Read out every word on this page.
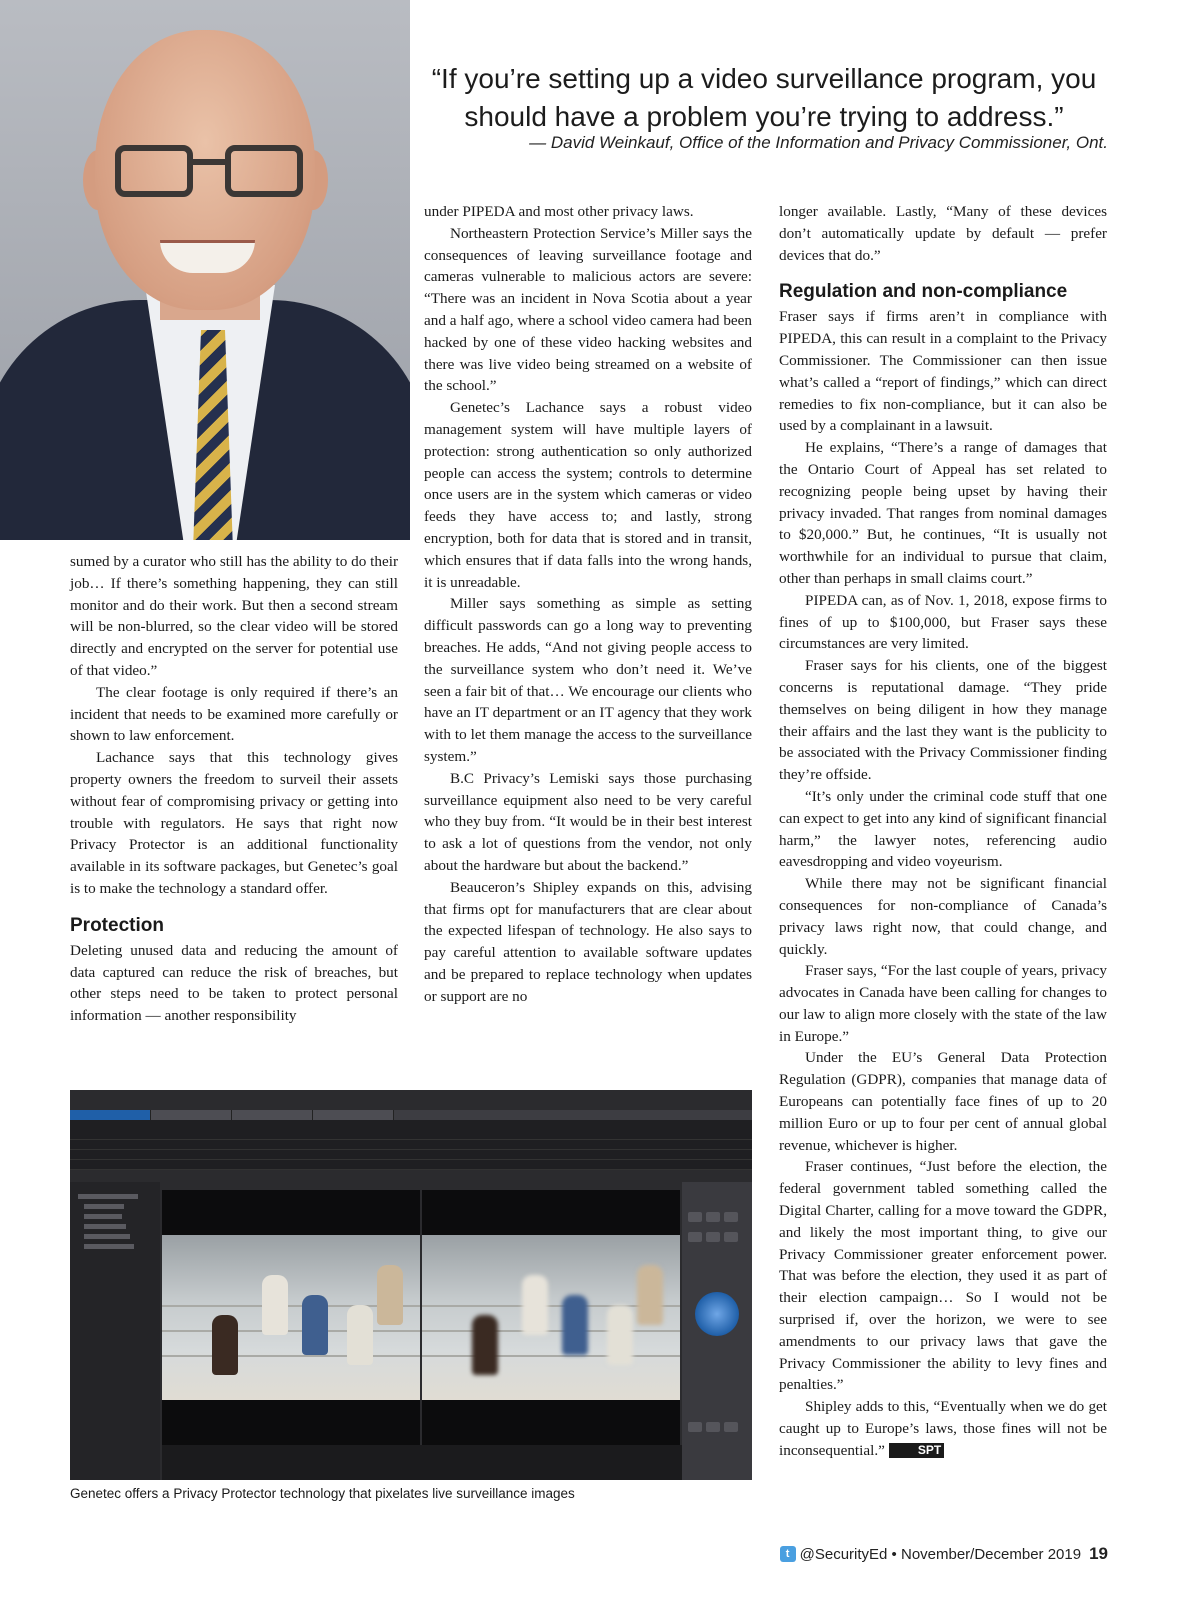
“If you’re setting up a video surveillance program, you should have a problem you’re trying to address.”
— David Weinkauf, Office of the Information and Privacy Commissioner, Ont.

sumed by a curator who still has the ability to do their job… If there’s something happening, they can still monitor and do their work. But then a second stream will be non-blurred, so the clear video will be stored directly and encrypted on the server for potential use of that video.”

The clear footage is only required if there’s an incident that needs to be examined more carefully or shown to law enforcement.

Lachance says that this technology gives property owners the freedom to surveil their assets without fear of compromising privacy or getting into trouble with regulators. He says that right now Privacy Protector is an additional functionality available in its software packages, but Genetec’s goal is to make the technology a standard offer.

Protection

Deleting unused data and reducing the amount of data captured can reduce the risk of breaches, but other steps need to be taken to protect personal information — another responsibility

under PIPEDA and most other privacy laws.

Northeastern Protection Service’s Miller says the consequences of leaving surveillance footage and cameras vulnerable to malicious actors are severe: “There was an incident in Nova Scotia about a year and a half ago, where a school video camera had been hacked by one of these video hacking websites and there was live video being streamed on a website of the school.”

Genetec’s Lachance says a robust video management system will have multiple layers of protection: strong authentication so only authorized people can access the system; controls to determine once users are in the system which cameras or video feeds they have access to; and lastly, strong encryption, both for data that is stored and in transit, which ensures that if data falls into the wrong hands, it is unreadable.

Miller says something as simple as setting difficult passwords can go a long way to preventing breaches. He adds, “And not giving people access to the surveillance system who don’t need it. We’ve seen a fair bit of that… We encourage our clients who have an IT department or an IT agency that they work with to let them manage the access to the surveillance system.”

B.C Privacy’s Lemiski says those purchasing surveillance equipment also need to be very careful who they buy from. “It would be in their best interest to ask a lot of questions from the vendor, not only about the hardware but about the backend.”

Beauceron’s Shipley expands on this, advising that firms opt for manufacturers that are clear about the expected lifespan of technology. He also says to pay careful attention to available software updates and be prepared to replace technology when updates or support are no

longer available. Lastly, “Many of these devices don’t automatically update by default — prefer devices that do.”

Regulation and non-compliance

Fraser says if firms aren’t in compliance with PIPEDA, this can result in a complaint to the Privacy Commissioner. The Commissioner can then issue what’s called a “report of findings,” which can direct remedies to fix non-compliance, but it can also be used by a complainant in a lawsuit.

He explains, “There’s a range of damages that the Ontario Court of Appeal has set related to recognizing people being upset by having their privacy invaded. That ranges from nominal damages to $20,000.” But, he continues, “It is usually not worthwhile for an individual to pursue that claim, other than perhaps in small claims court.”

PIPEDA can, as of Nov. 1, 2018, expose firms to fines of up to $100,000, but Fraser says these circumstances are very limited.

Fraser says for his clients, one of the biggest concerns is reputational damage. “They pride themselves on being diligent in how they manage their affairs and the last they want is the publicity to be associated with the Privacy Commissioner finding they’re offside.

“It’s only under the criminal code stuff that one can expect to get into any kind of significant financial harm,” the lawyer notes, referencing audio eavesdropping and video voyeurism.

While there may not be significant financial consequences for non-compliance of Canada’s privacy laws right now, that could change, and quickly.

Fraser says, “For the last couple of years, privacy advocates in Canada have been calling for changes to our law to align more closely with the state of the law in Europe.”

Under the EU’s General Data Protection Regulation (GDPR), companies that manage data of Europeans can potentially face fines of up to 20 million Euro or up to four per cent of annual global revenue, whichever is higher.

Fraser continues, “Just before the election, the federal government tabled something called the Digital Charter, calling for a move toward the GDPR, and likely the most important thing, to give our Privacy Commissioner greater enforcement power. That was before the election, they used it as part of their election campaign… So I would not be surprised if, over the horizon, we were to see amendments to our privacy laws that gave the Privacy Commissioner the ability to levy fines and penalties.”

Shipley adds to this, “Eventually when we do get caught up to Europe’s laws, those fines will not be inconsequential.”	SPT

Genetec offers a Privacy Protector technology that pixelates live surveillance images
t @SecurityEd • November/December 2019 19
